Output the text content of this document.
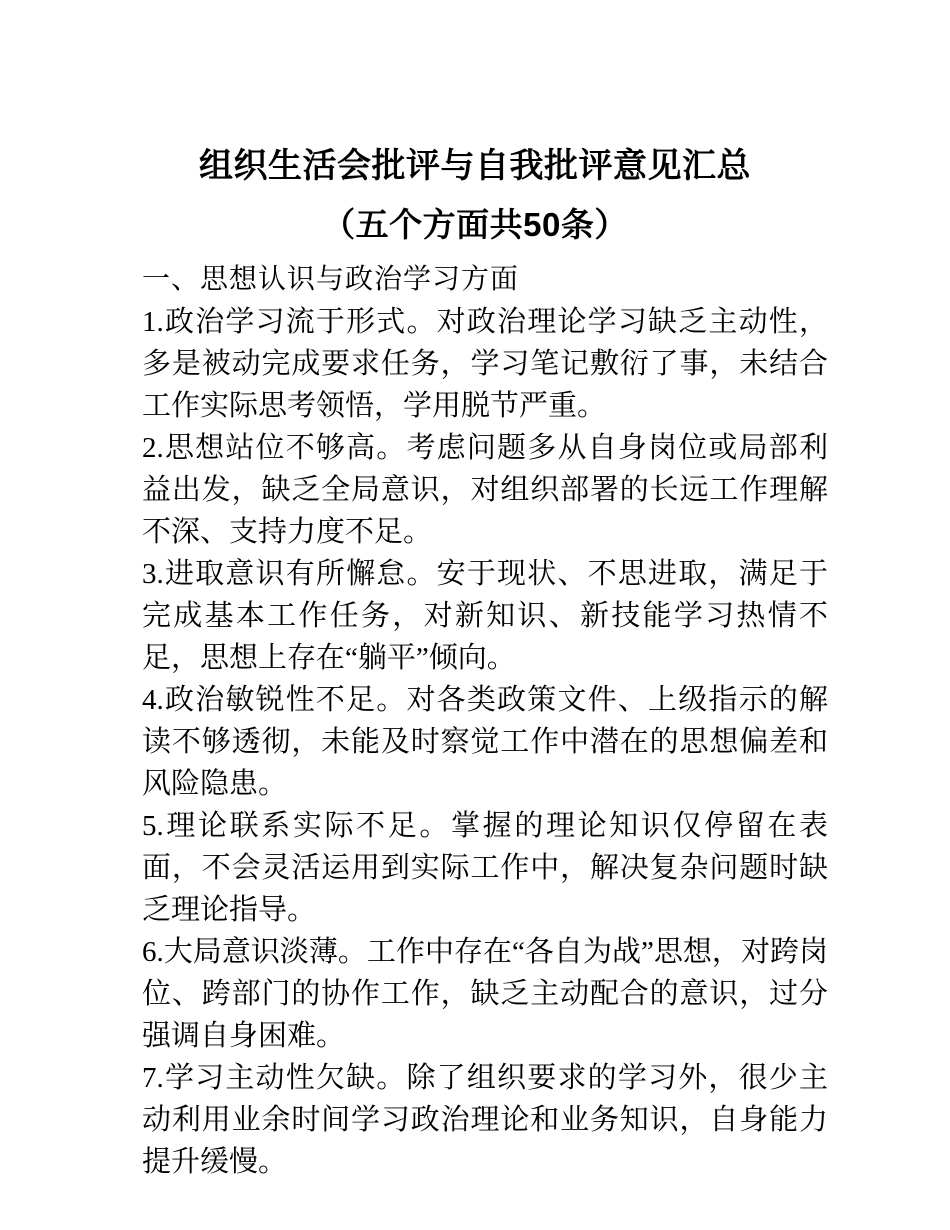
组织生活会批评与自我批评意见汇总
（五个方面共50条）

一、思想认识与政治学习方面

1.政治学习流于形式。对政治理论学习缺乏主动性，多是被动完成要求任务，学习笔记敷衍了事，未结合工作实际思考领悟，学用脱节严重。

2.思想站位不够高。考虑问题多从自身岗位或局部利益出发，缺乏全局意识，对组织部署的长远工作理解不深、支持力度不足。

3.进取意识有所懈怠。安于现状、不思进取，满足于完成基本工作任务，对新知识、新技能学习热情不足，思想上存在“躺平”倾向。

4.政治敏锐性不足。对各类政策文件、上级指示的解读不够透彻，未能及时察觉工作中潜在的思想偏差和风险隐患。

5.理论联系实际不足。掌握的理论知识仅停留在表面，不会灵活运用到实际工作中，解决复杂问题时缺乏理论指导。

6.大局意识淡薄。工作中存在“各自为战”思想，对跨岗位、跨部门的协作工作，缺乏主动配合的意识，过分强调自身困难。

7.学习主动性欠缺。除了组织要求的学习外，很少主动利用业余时间学习政治理论和业务知识，自身能力提升缓慢。
